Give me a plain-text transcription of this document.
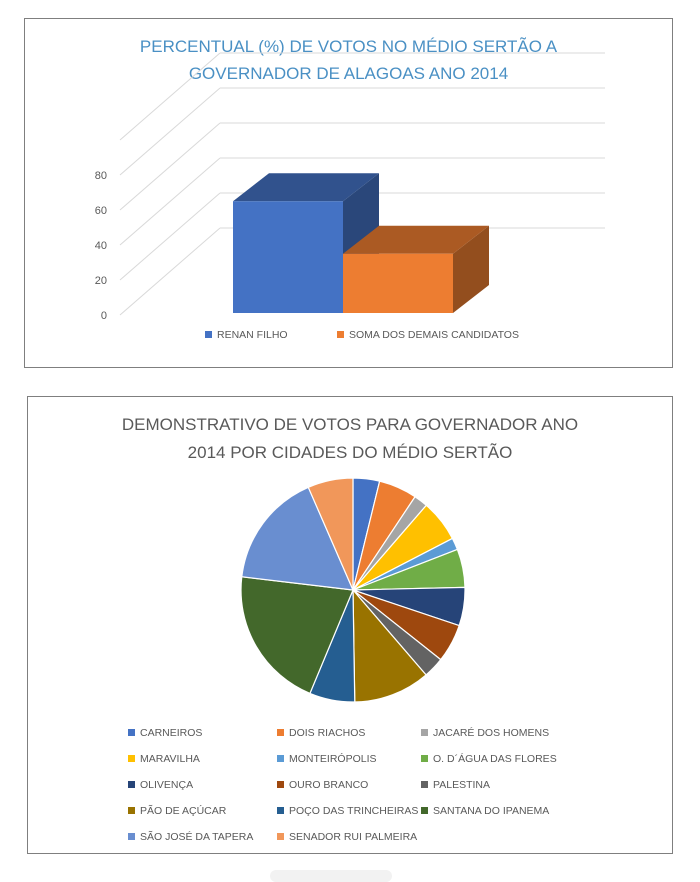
PERCENTUAL (%) DE VOTOS NO MÉDIO SERTÃO A
GOVERNADOR DE ALAGOAS ANO 2014
0
20
40
60
80
RENAN FILHO	SOMA DOS DEMAIS CANDIDATOS
DEMONSTRATIVO DE VOTOS PARA GOVERNADOR ANO
2014 POR CIDADES DO MÉDIO SERTÃO
CARNEIROS	DOIS RIACHOS	JACARÉ DOS HOMENS
MARAVILHA	MONTEIRÓPOLIS	O. D´ÁGUA DAS FLORES
OLIVENÇA	OURO BRANCO	PALESTINA
PÃO DE AÇÚCAR	POÇO DAS TRINCHEIRAS	SANTANA DO IPANEMA
SÃO JOSÉ DA TAPERA	SENADOR RUI PALMEIRA
